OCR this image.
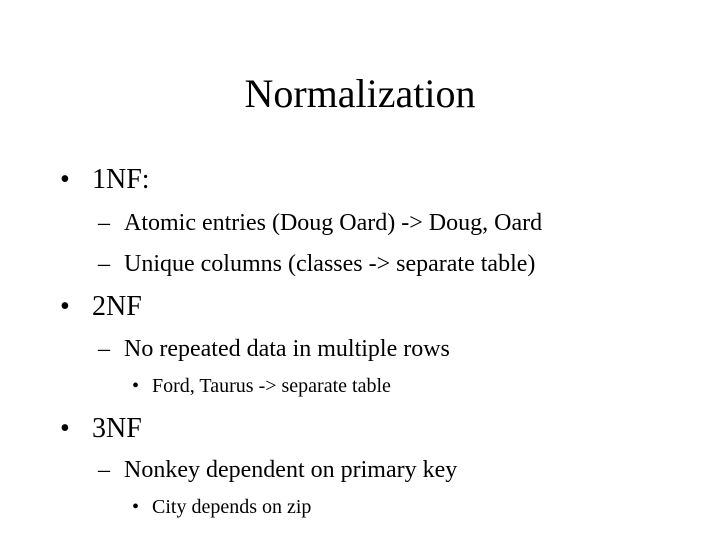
Normalization
• 1NF:
– Atomic entries (Doug Oard) -> Doug, Oard
– Unique columns (classes -> separate table)
• 2NF
– No repeated data in multiple rows
• Ford, Taurus -> separate table
• 3NF
– Nonkey dependent on primary key
• City depends on zip
